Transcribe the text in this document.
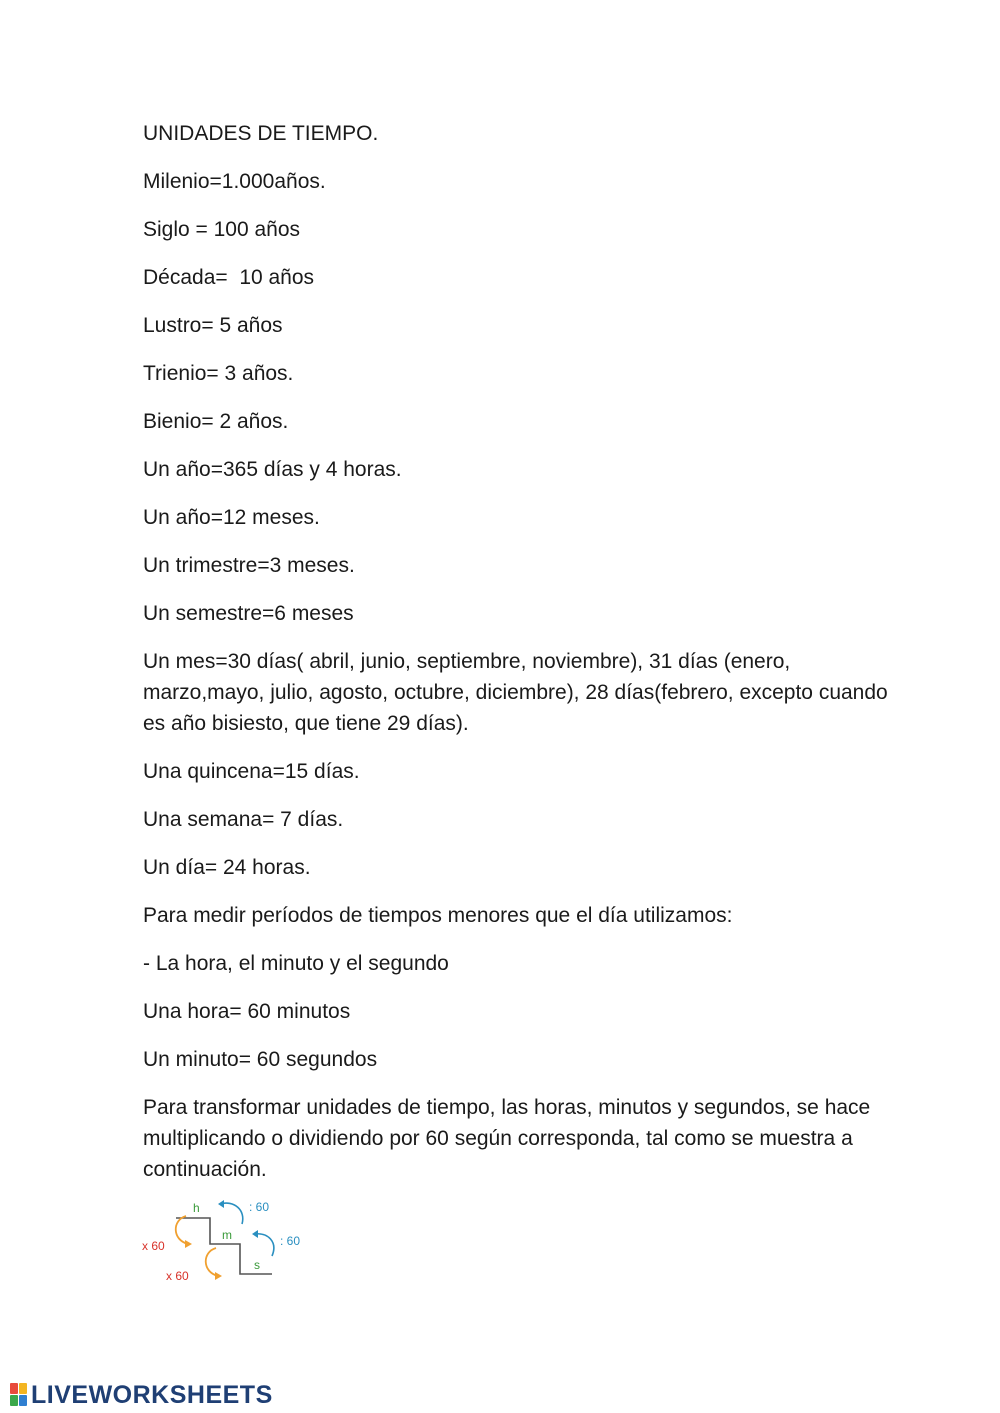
UNIDADES DE TIEMPO.

Milenio=1.000años.

Siglo = 100 años

Década=  10 años

Lustro= 5 años

Trienio= 3 años.

Bienio= 2 años.

Un año=365 días y 4 horas.

Un año=12 meses.

Un trimestre=3 meses.

Un semestre=6 meses

Un mes=30 días( abril, junio, septiembre, noviembre), 31 días (enero, marzo,mayo, julio, agosto, octubre, diciembre), 28 días(febrero, excepto cuando es año bisiesto, que tiene 29 días).

Una quincena=15 días.

Una semana= 7 días.

Un día= 24 horas.

Para medir períodos de tiempos menores que el día utilizamos:

- La hora, el minuto y el segundo

Una hora= 60 minutos

Un minuto= 60 segundos

Para transformar unidades de tiempo, las horas, minutos y segundos, se hace multiplicando o dividiendo por 60 según corresponda, tal como se muestra a continuación.

h
m
s
: 60
: 60
x 60
x 60
LIVEWORKSHEETS
